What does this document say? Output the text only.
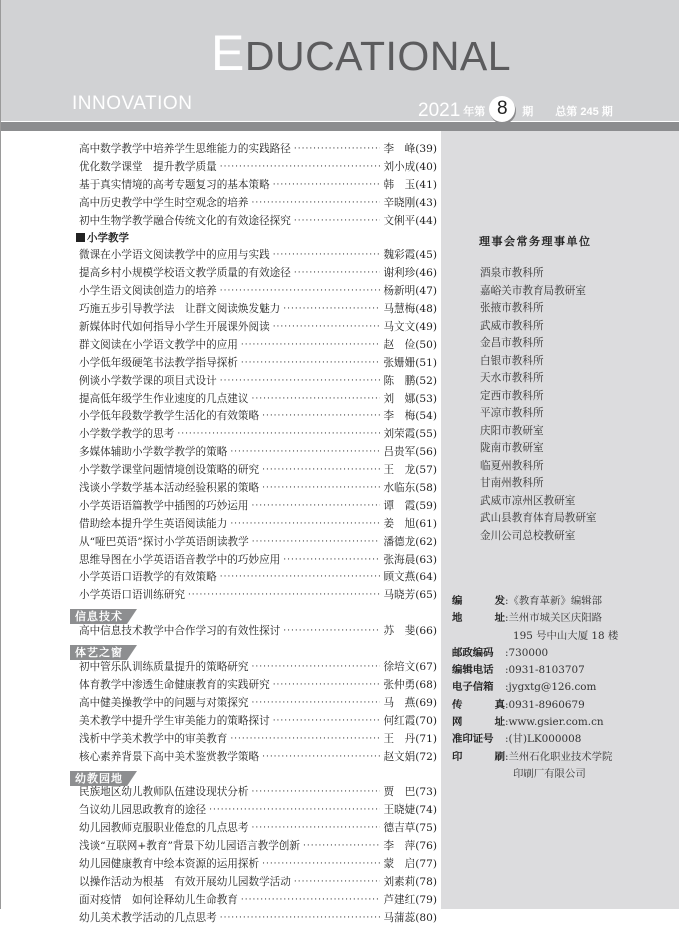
EDUCATIONAL
INNOVATION	2021 年第 8	期 总第 245 期
高中数学教学中培养学生思维能力的实践路径 ·····	李　峰 (39)
优化数学课堂　提升教学质量 ·····	刘小成 (40)
基于真实情境的高考专题复习的基本策略 ·····	韩　玉 (41)
高中历史教学中学生时空观念的培养 ·····	辛晓刚 (43)
初中生物学教学融合传统文化的有效途径探究 ·····	文俐平 (44)
小学教学
微课在小学语文阅读教学中的应用与实践 ·····	魏彩霞 (45)
提高乡村小规模学校语文教学质量的有效途径 ·····	谢利珍 (46)
小学生语文阅读创造力的培养 ·····	杨新明 (47)
巧施五步引导教学法　让群文阅读焕发魅力 ·····	马慧梅 (48)
新媒体时代如何指导小学生开展课外阅读 ·····	马文文 (49)
群文阅读在小学语文教学中的应用 ·····	赵　俭 (50)
小学低年级硬笔书法教学指导探析 ·····	张姗姗 (51)
例谈小学数学课的项目式设计 ·····	陈　鹏 (52)
提高低年级学生作业速度的几点建议 ·····	刘　娜 (53)
小学低年段数学教学生活化的有效策略 ·····	李　梅 (54)
小学数学教学的思考 ·····	刘荣霞 (55)
多媒体辅助小学数学教学的策略 ·····	吕贵军 (56)
小学数学课堂问题情境创设策略的研究 ·····	王　龙 (57)
浅谈小学数学基本活动经验积累的策略 ·····	水临东 (58)
小学英语语篇教学中插图的巧妙运用 ·····	谭　霞 (59)
借助绘本提升学生英语阅读能力 ·····	姜　旭 (61)
从“哑巴英语”探讨小学英语朗读教学 ·····	潘德龙 (62)
思维导图在小学英语语音教学中的巧妙应用 ·····	张海晨 (63)
小学英语口语教学的有效策略 ·····	顾文燕 (64)
小学英语口语训练研究 ·····	马晓芳 (65)
信息技术
高中信息技术教学中合作学习的有效性探讨 ·····	苏　斐 (66)
体艺之窗
初中管乐队训练质量提升的策略研究 ·····	徐培文 (67)
体育教学中渗透生命健康教育的实践研究 ·····	张仲勇 (68)
高中健美操教学中的问题与对策探究 ·····	马　燕 (69)
美术教学中提升学生审美能力的策略探讨 ·····	何红霞 (70)
浅析中学美术教学中的审美教育 ·····	王　丹 (71)
核心素养背景下高中美术鉴赏教学策略 ·····	赵文娟 (72)
幼教园地
民族地区幼儿教师队伍建设现状分析 ·····	贾　巴 (73)
刍议幼儿园思政教育的途径 ·····	王晓婕 (74)
幼儿园教师克服职业倦怠的几点思考 ·····	德吉草 (75)
浅谈“互联网+教育”背景下幼儿园语言教学创新 ·····	李　萍 (76)
幼儿园健康教育中绘本资源的运用探析 ·····	蒙　启 (77)
以操作活动为根基　有效开展幼儿园数学活动 ·····	刘素莉 (78)
面对疫情　如何诠释幼儿生命教育 ·····	芦建红 (79)
幼儿美术教学活动的几点思考 ·····	马蒲蕊 (80)
理事会常务理事单位
酒泉市教科所
嘉峪关市教育局教研室
张掖市教科所
武威市教科所
金昌市教科所
白银市教科所
天水市教科所
定西市教科所
平凉市教科所
庆阳市教研室
陇南市教研室
临夏州教科所
甘南州教科所
武威市凉州区教研室
武山县教育体育局教研室
金川公司总校教研室
编	发 :《教育革新》编辑部
地	址 :兰州市城关区庆阳路
195 号中山大厦 18 楼
邮政编码 :730000
编辑电话 :0931-8103707
电子信箱 :jygxtg@126.com
传	真 :0931-8960679
网	址 :www.gsier.com.cn
准印证号 :(甘)LK000008
印	刷 :兰州石化职业技术学院
印刷厂有限公司
